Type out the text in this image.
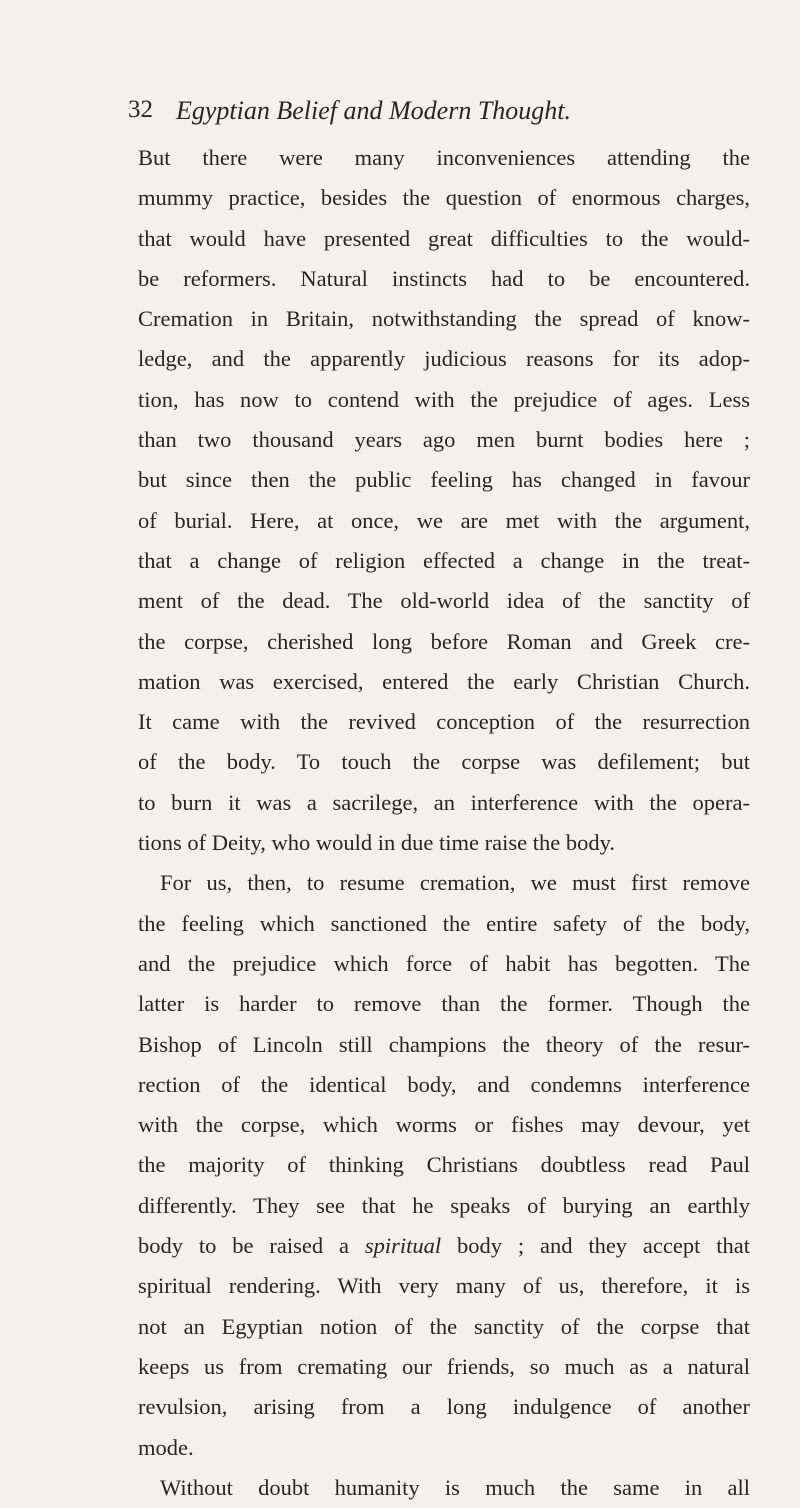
32 Egyptian Belief and Modern Thought.
But there were many inconveniences attending the
mummy practice, besides the question of enormous charges,
that would have presented great difficulties to the would-
be reformers. Natural instincts had to be encountered.
Cremation in Britain, notwithstanding the spread of know-
ledge, and the apparently judicious reasons for its adop-
tion, has now to contend with the prejudice of ages. Less
than two thousand years ago men burnt bodies here ;
but since then the public feeling has changed in favour
of burial. Here, at once, we are met with the argument,
that a change of religion effected a change in the treat-
ment of the dead. The old-world idea of the sanctity of
the corpse, cherished long before Roman and Greek cre-
mation was exercised, entered the early Christian Church.
It came with the revived conception of the resurrection
of the body. To touch the corpse was defilement; but
to burn it was a sacrilege, an interference with the opera-
tions of Deity, who would in due time raise the body.
For us, then, to resume cremation, we must first remove
the feeling which sanctioned the entire safety of the body,
and the prejudice which force of habit has begotten. The
latter is harder to remove than the former. Though the
Bishop of Lincoln still champions the theory of the resur-
rection of the identical body, and condemns interference
with the corpse, which worms or fishes may devour, yet
the majority of thinking Christians doubtless read Paul
differently. They see that he speaks of burying an earthly
body to be raised a spiritual body ; and they accept that
spiritual rendering. With very many of us, therefore, it is
not an Egyptian notion of the sanctity of the corpse that
keeps us from cremating our friends, so much as a natural
revulsion, arising from a long indulgence of another
mode.
Without doubt humanity is much the same in all
